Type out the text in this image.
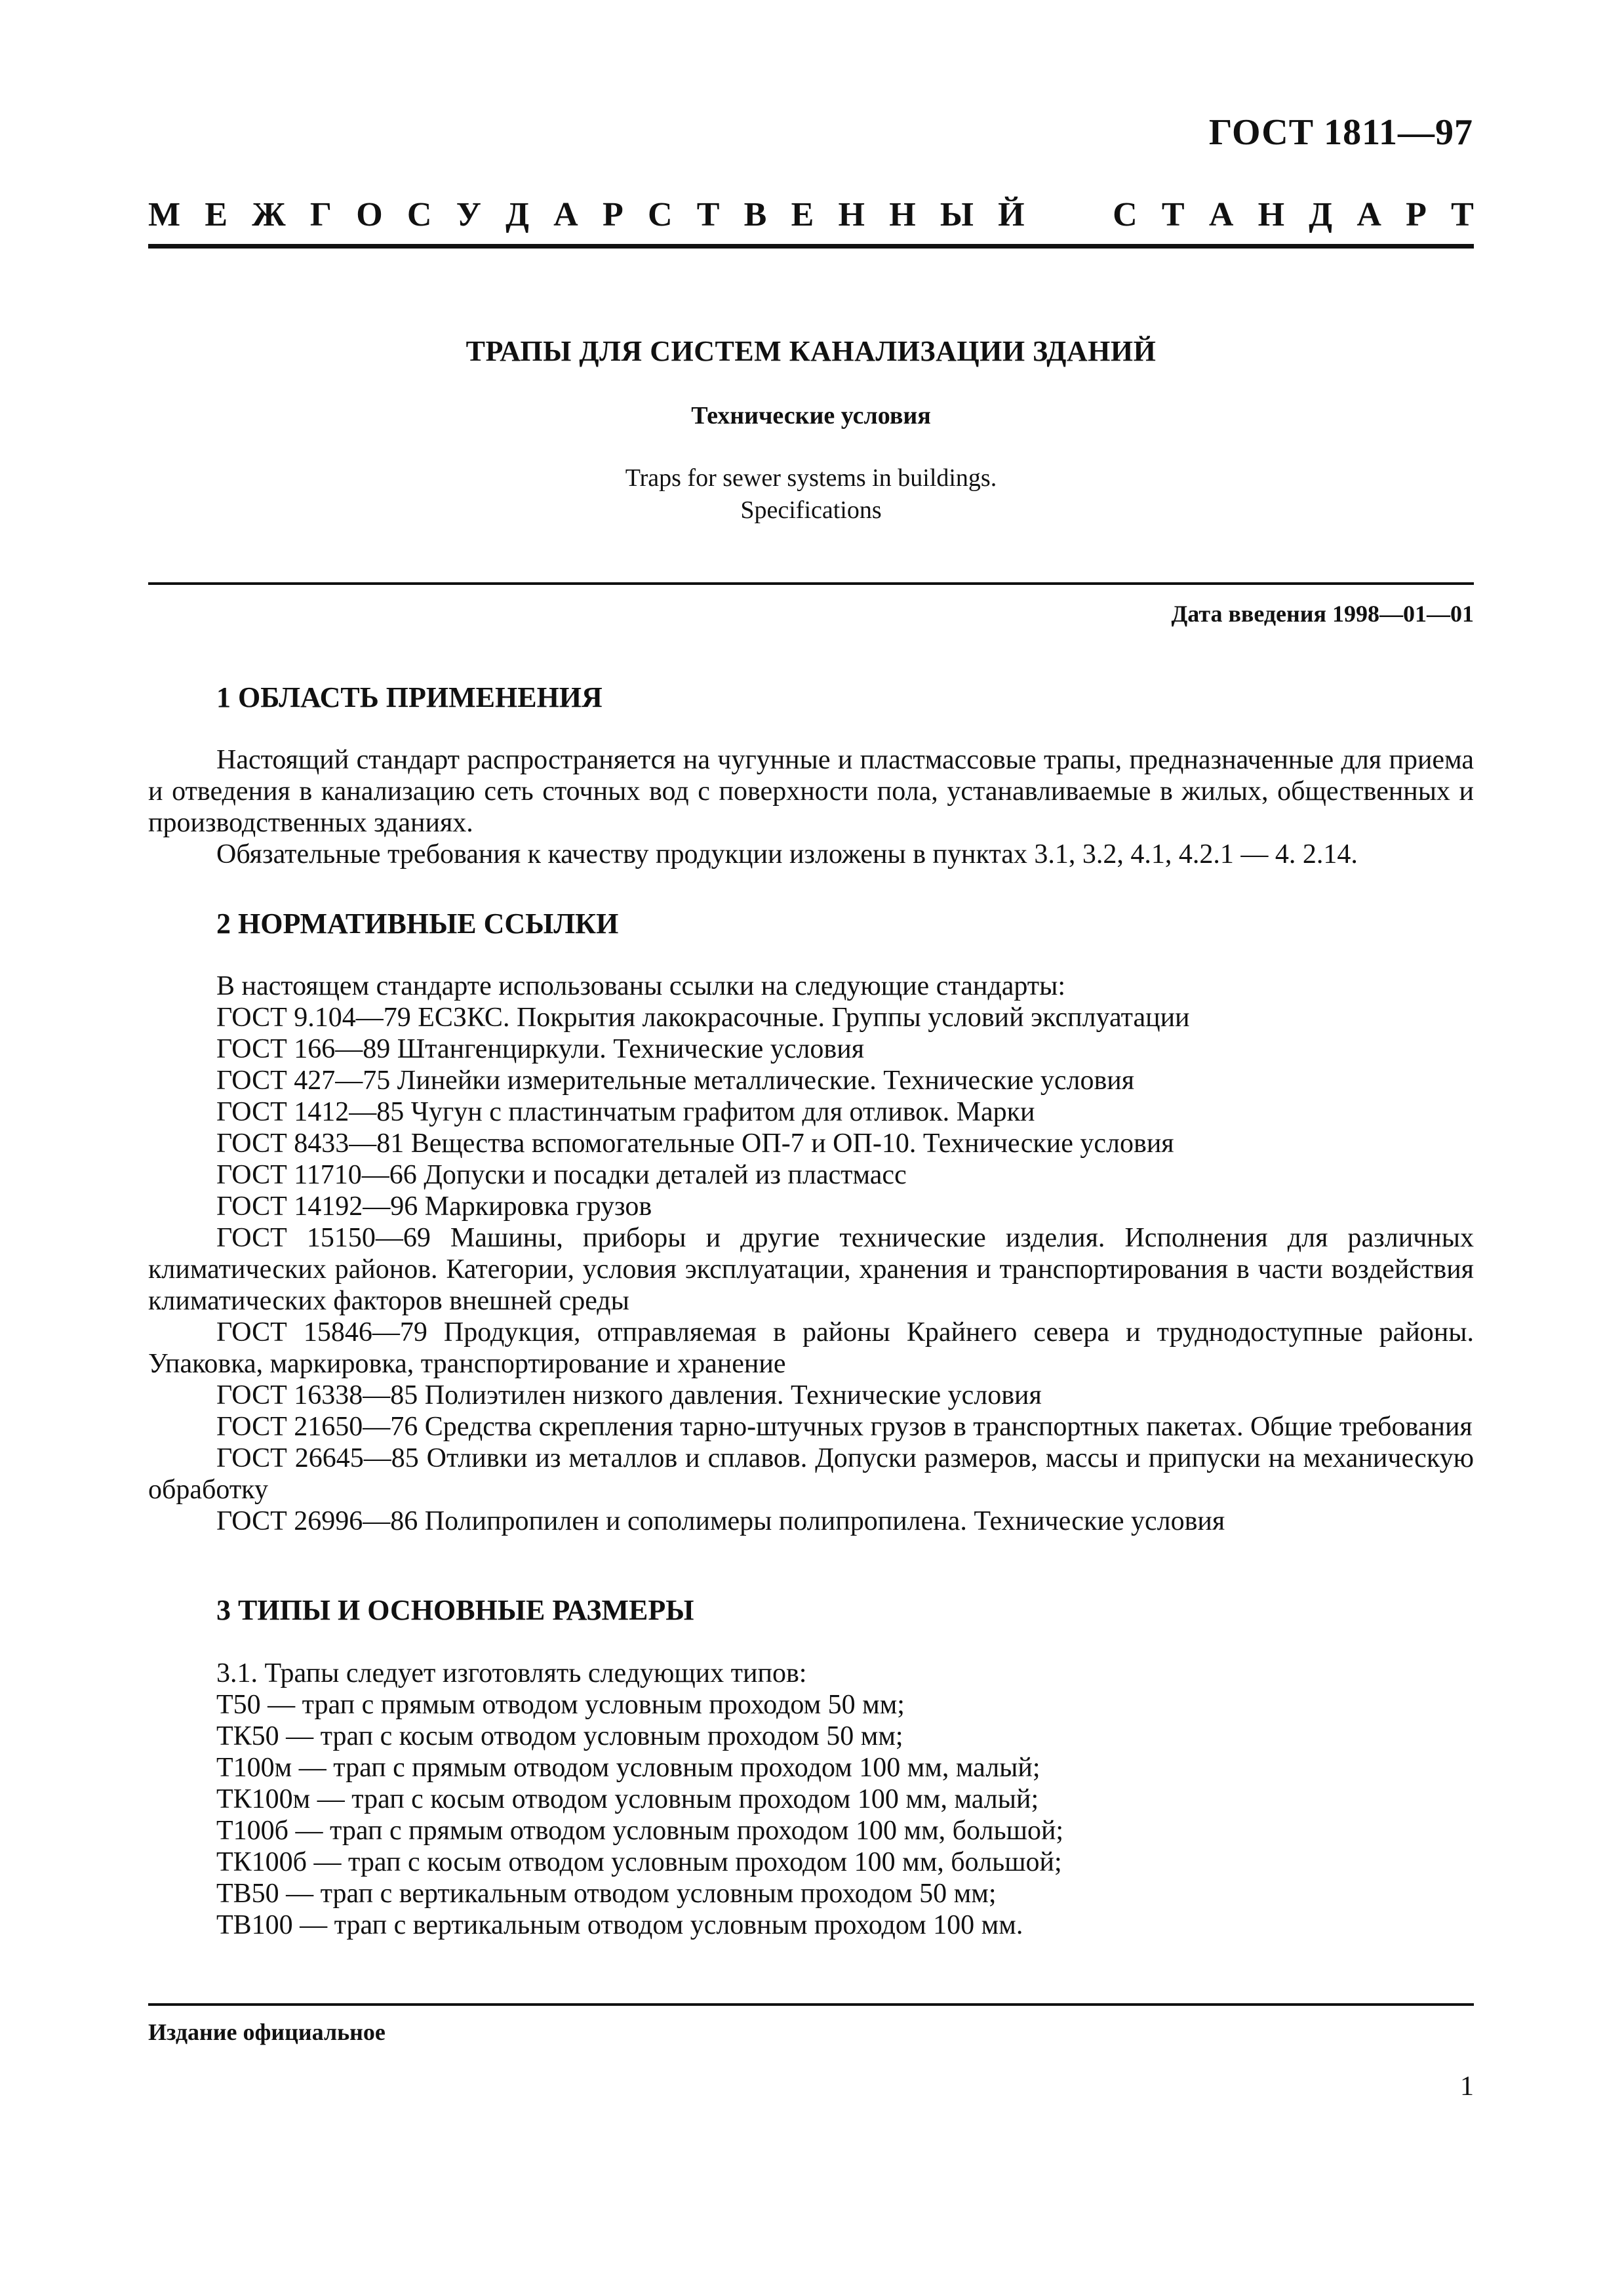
ГОСТ 1811—97
М Е Ж Г О С У Д А Р С Т В Е Н Н Ы Й	С Т А Н Д А Р Т
ТРАПЫ ДЛЯ СИСТЕМ КАНАЛИЗАЦИИ ЗДАНИЙ
Технические условия
Traps for sewer systems in buildings.
Specifications
Дата введения 1998—01—01
1 ОБЛАСТЬ ПРИМЕНЕНИЯ

Настоящий стандарт распространяется на чугунные и пластмассовые трапы, предназначенные для приема и отведения в канализацию сеть сточных вод с поверхности пола, устанавливаемые в жилых, общественных и производственных зданиях.

Обязательные требования к качеству продукции изложены в пунктах 3.1, 3.2, 4.1, 4.2.1 — 4. 2.14.

2 НОРМАТИВНЫЕ ССЫЛКИ

В настоящем стандарте использованы ссылки на следующие стандарты:

ГОСТ 9.104—79 ЕСЗКС. Покрытия лакокрасочные. Группы условий эксплуатации

ГОСТ 166—89 Штангенциркули. Технические условия

ГОСТ 427—75 Линейки измерительные металлические. Технические условия

ГОСТ 1412—85 Чугун с пластинчатым графитом для отливок. Марки

ГОСТ 8433—81 Вещества вспомогательные ОП-7 и ОП-10. Технические условия

ГОСТ 11710—66 Допуски и посадки деталей из пластмасс

ГОСТ 14192—96 Маркировка грузов

ГОСТ 15150—69 Машины, приборы и другие технические изделия. Исполнения для различных климатических районов. Категории, условия эксплуатации, хранения и транспортирования в части воздействия климатических факторов внешней среды

ГОСТ 15846—79 Продукция, отправляемая в районы Крайнего севера и труднодоступные районы. Упаковка, маркировка, транспортирование и хранение

ГОСТ 16338—85 Полиэтилен низкого давления. Технические условия

ГОСТ 21650—76 Средства скрепления тарно-штучных грузов в транспортных пакетах. Общие требования

ГОСТ 26645—85 Отливки из металлов и сплавов. Допуски размеров, массы и припуски на механическую обработку

ГОСТ 26996—86 Полипропилен и сополимеры полипропилена. Технические условия

3 ТИПЫ И ОСНОВНЫЕ РАЗМЕРЫ

3.1. Трапы следует изготовлять следующих типов:

Т50 — трап с прямым отводом условным проходом 50 мм;

ТК50 — трап с косым отводом условным проходом 50 мм;

Т100м — трап с прямым отводом условным проходом 100 мм, малый;

ТК100м — трап с косым отводом условным проходом 100 мм, малый;

Т100б — трап с прямым отводом условным проходом 100 мм, большой;

ТК100б — трап с косым отводом условным проходом 100 мм, большой;

ТВ50 — трап с вертикальным отводом условным проходом 50 мм;

ТВ100 — трап с вертикальным отводом условным проходом 100 мм.

Издание официальное
1
